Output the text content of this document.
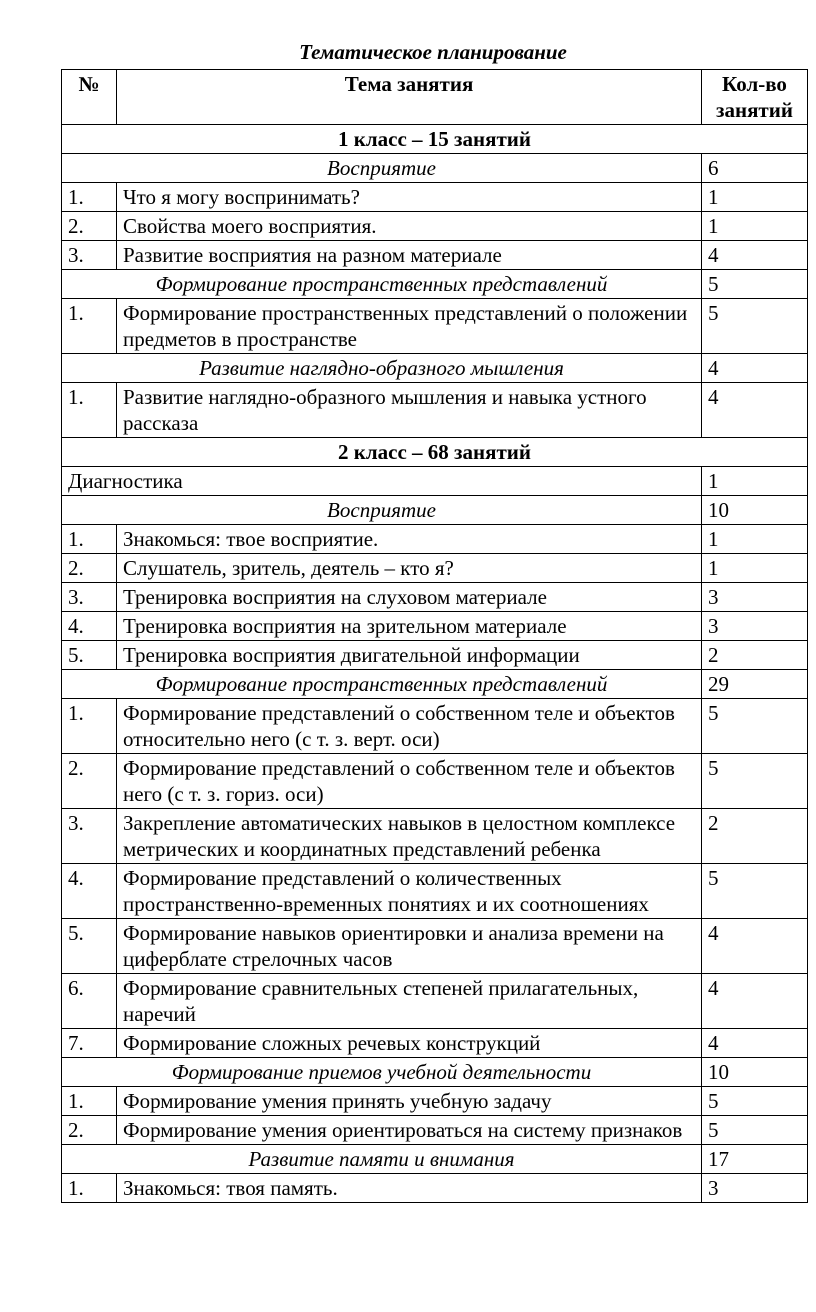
Тематическое планирование
№	Тема занятия	Кол-во занятий
1 класс – 15 занятий		
Восприятие		6
1.	Что я могу воспринимать?	1
2.	Свойства моего восприятия.	1
3.	Развитие восприятия на разном материале	4
Формирование пространственных представлений		5
1.	Формирование пространственных представлений о положении предметов в пространстве	5
Развитие наглядно-образного мышления		4
1.	Развитие наглядно-образного мышления и навыка устного рассказа	4
2 класс – 68 занятий		
Диагностика		1
Восприятие		10
1.	Знакомься: твое восприятие.	1
2.	Слушатель, зритель, деятель – кто я?	1
3.	Тренировка восприятия на слуховом материале	3
4.	Тренировка восприятия на зрительном материале	3
5.	Тренировка восприятия двигательной информации	2
Формирование пространственных представлений		29
1.	Формирование представлений о собственном теле и объектов относительно него (с т. з. верт. оси)	5
2.	Формирование представлений о собственном теле и объектов него (с т. з. гориз. оси)	5
3.	Закрепление автоматических навыков в целостном комплексе метрических и координатных представлений ребенка	2
4.	Формирование представлений о количественных пространственно-временных понятиях и их соотношениях	5
5.	Формирование навыков ориентировки и анализа времени на циферблате стрелочных часов	4
6.	Формирование сравнительных степеней прилагательных, наречий	4
7.	Формирование сложных речевых конструкций	4
Формирование приемов учебной деятельности		10
1.	Формирование умения принять учебную задачу	5
2.	Формирование умения ориентироваться на систему признаков	5
Развитие памяти и внимания		17
1.	Знакомься: твоя память.	3
